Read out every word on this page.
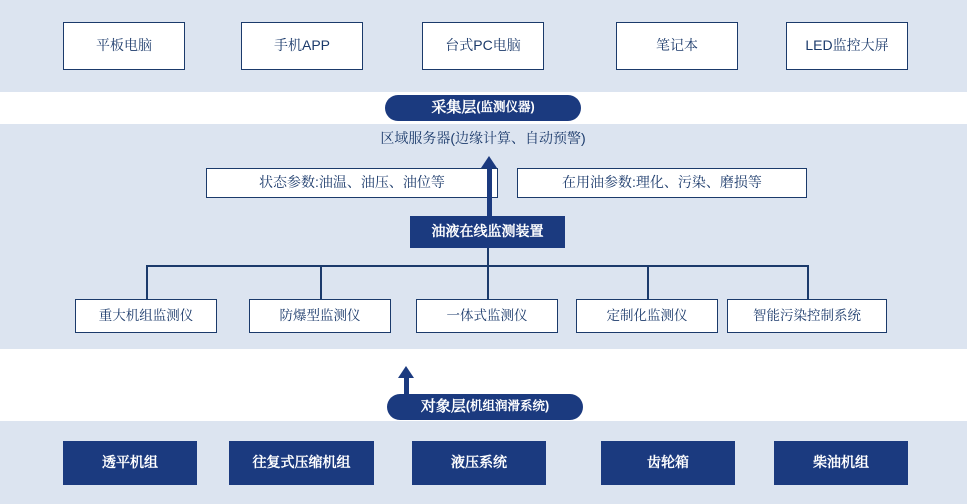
平板电脑	手机APP	台式PC电脑	笔记本	LED监控大屏
采集层 (监测仪器)
区域服务器(边缘计算、自动预警)
状态参数:油温、油压、油位等	在用油参数:理化、污染、磨损等
油液在线监测装置
重大机组监测仪	防爆型监测仪	一体式监测仪	定制化监测仪	智能污染控制系统
对象层 (机组润滑系统)
透平机组	往复式压缩机组	液压系统	齿轮箱	柴油机组
